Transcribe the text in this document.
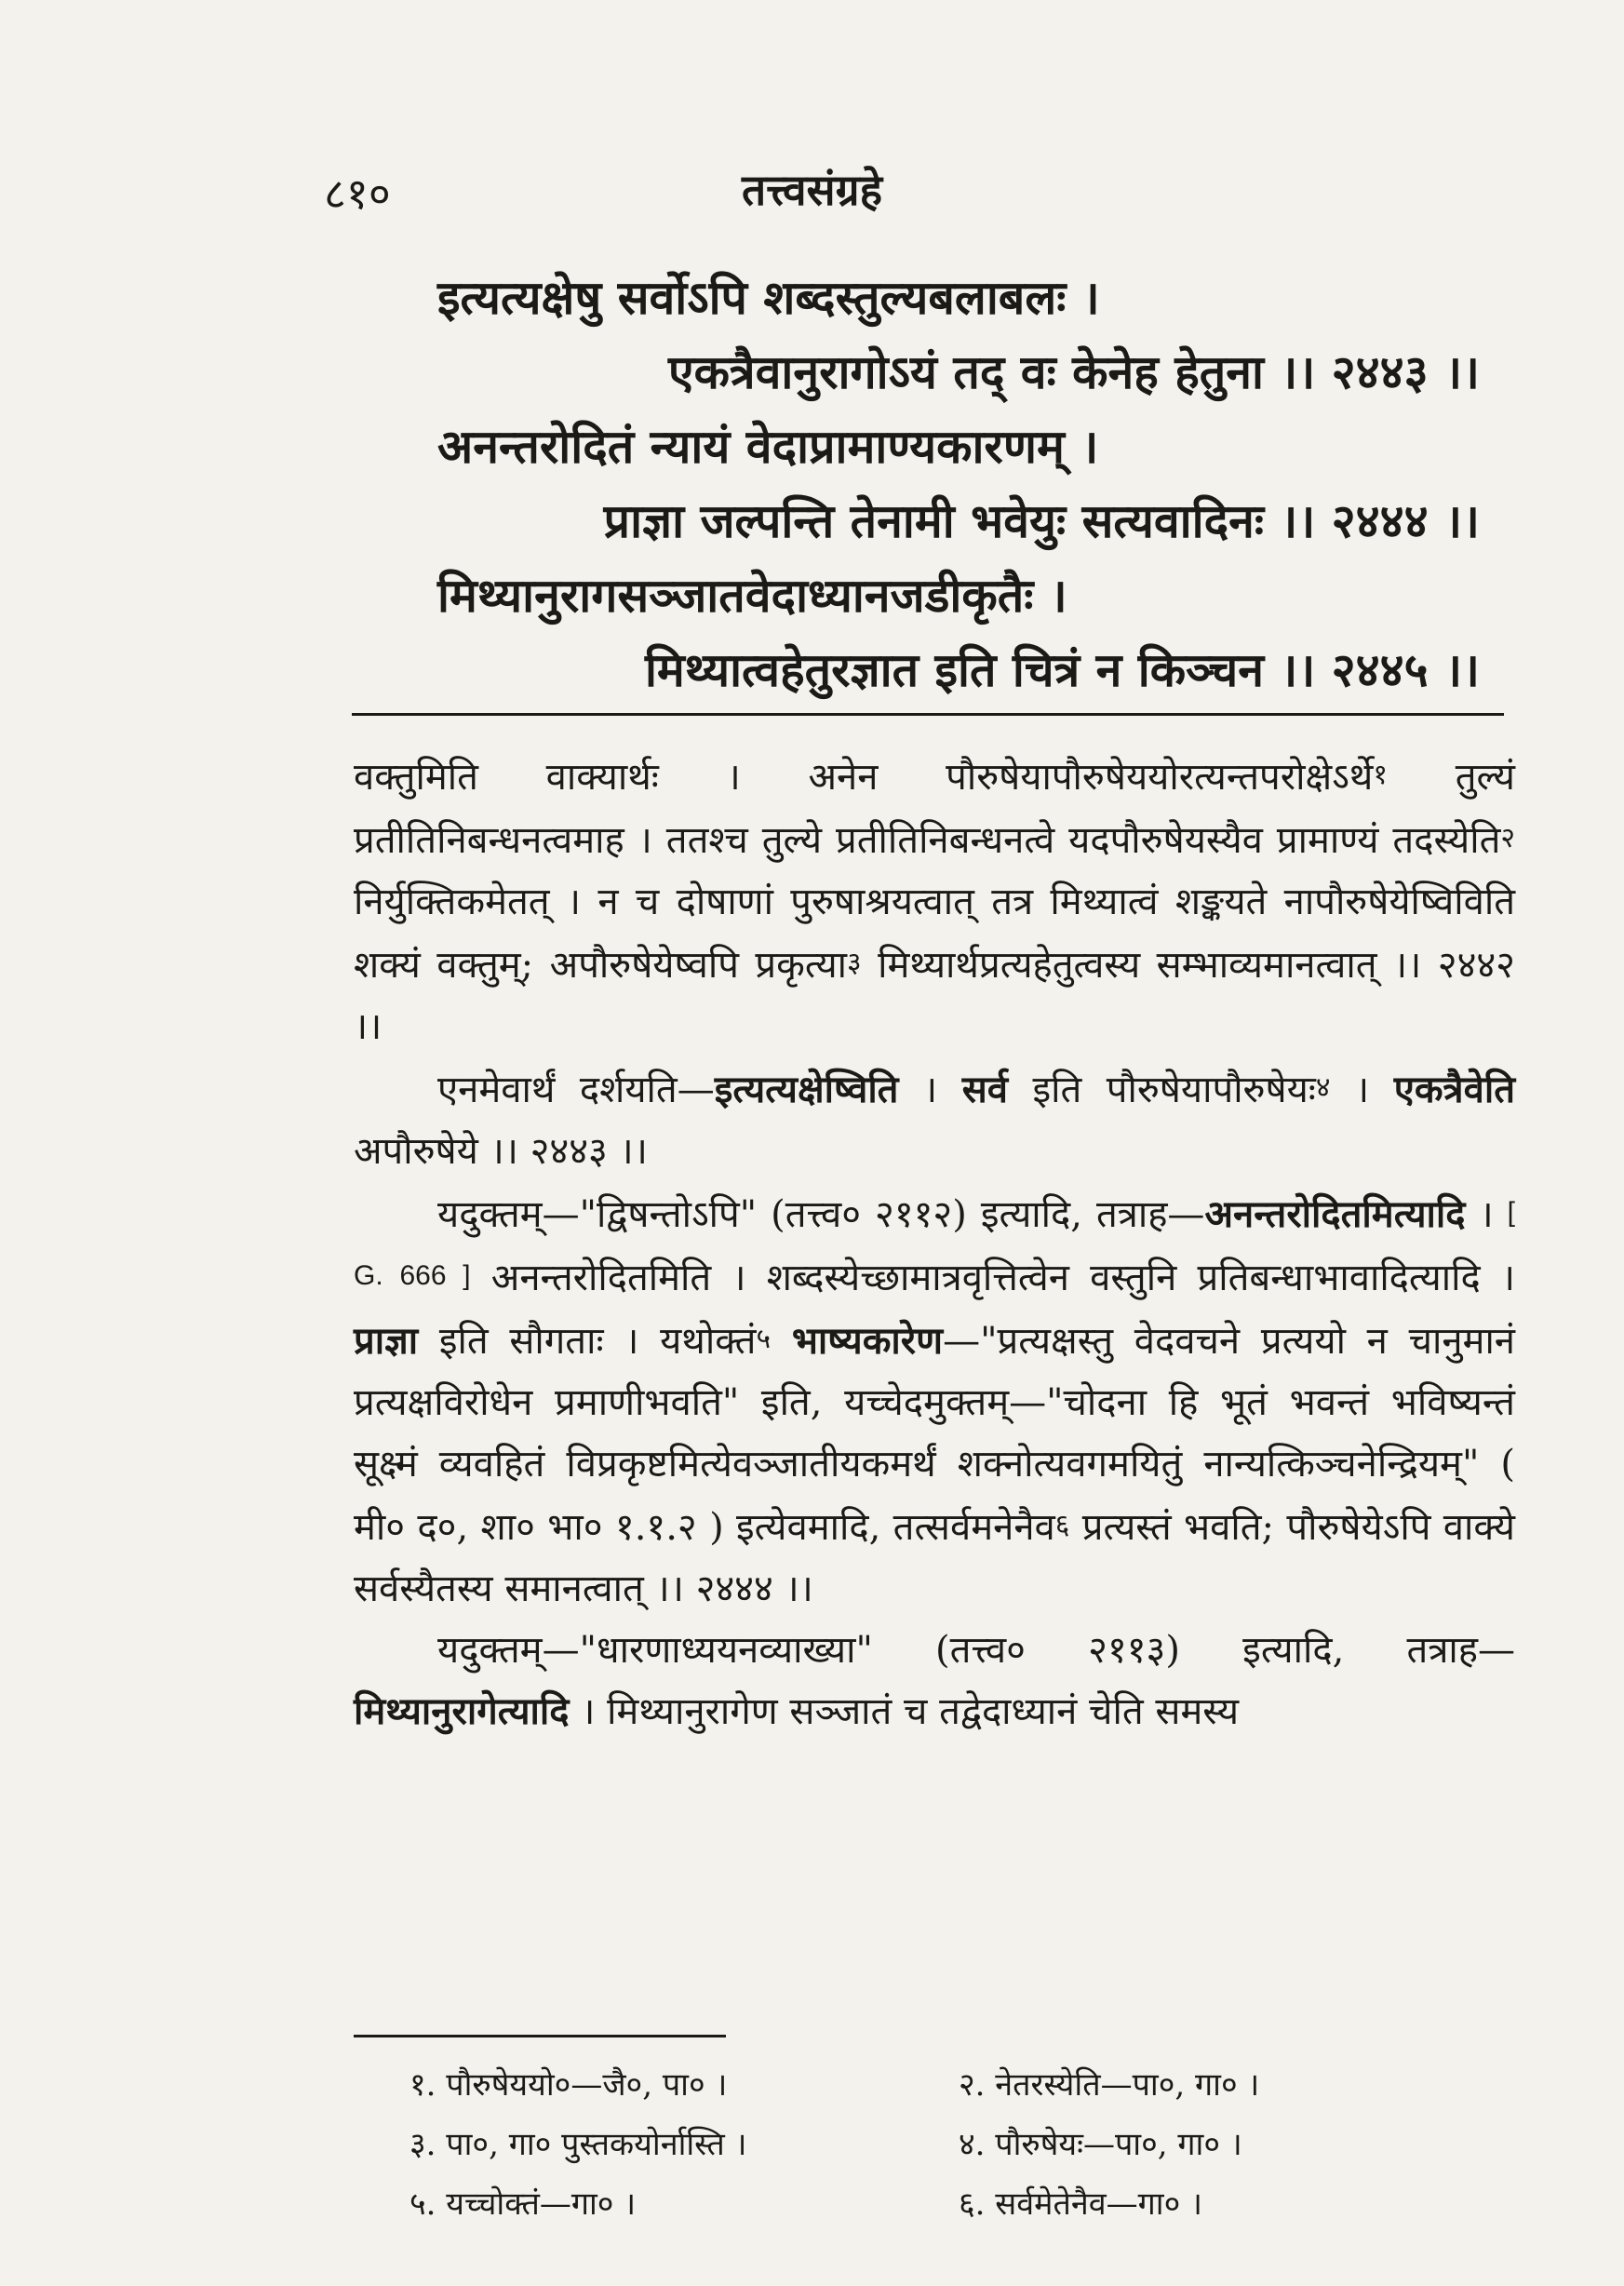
८१०	तत्त्वसंग्रहे
इत्यत्यक्षेषु सर्वोऽपि शब्दस्तुल्यबलाबलः ।
एकत्रैवानुरागोऽयं तद् वः केनेह हेतुना ।। २४४३ ।।
अनन्तरोदितं न्यायं वेदाप्रामाण्यकारणम् ।
प्राज्ञा जल्पन्ति तेनामी भवेयुः सत्यवादिनः ।। २४४४ ।।
मिथ्यानुरागसञ्जातवेदाध्यानजडीकृतैः ।
मिथ्यात्वहेतुरज्ञात इति चित्रं न किञ्चन ।। २४४५ ।।

वक्तुमिति वाक्यार्थः । अनेन पौरुषेयापौरुषेययोरत्यन्तपरोक्षेऽर्थे$^१$ तुल्यं प्रतीतिनिबन्धनत्वमाह । ततश्च तुल्ये प्रतीतिनिबन्धनत्वे यदपौरुषेयस्यैव प्रामाण्यं तदस्येति$^२$ निर्युक्तिकमेतत् । न च दोषाणां पुरुषाश्रयत्वात् तत्र मिथ्यात्वं शङ्कयते नापौरुषेयेष्विविति शक्यं वक्तुम्; अपौरुषेयेष्वपि प्रकृत्या$^३$ मिथ्यार्थप्रत्यहेतुत्वस्य सम्भाव्यमानत्वात् ।। २४४२ ।।

एनमेवार्थं दर्शयति—इत्यत्यक्षेष्विति । सर्व इति पौरुषेयापौरुषेयः$^४$ । एकत्रैवेति अपौरुषेये ।। २४४३ ।।

यदुक्तम्—"द्विषन्तोऽपि" (तत्त्व० २११२) इत्यादि, तत्राह—अनन्तरोदितमित्यादि । [ G. 666 ] अनन्तरोदितमिति । शब्दस्येच्छामात्रवृत्तित्वेन वस्तुनि प्रतिबन्धाभावादित्यादि । प्राज्ञा इति सौगताः । यथोक्तं$^५$ भाष्यकारेण—"प्रत्यक्षस्तु वेदवचने प्रत्ययो न चानुमानं प्रत्यक्षविरोधेन प्रमाणीभवति" इति, यच्चेदमुक्तम्—"चोदना हि भूतं भवन्तं भविष्यन्तं सूक्ष्मं व्यवहितं विप्रकृष्टमित्येवञ्जातीयकमर्थं शक्नोत्यवगमयितुं नान्यत्किञ्चनेन्द्रियम्" ( मी० द०, शा० भा० १.१.२ ) इत्येवमादि, तत्सर्वमनेनैव$^६$ प्रत्यस्तं भवति; पौरुषेयेऽपि वाक्ये सर्वस्यैतस्य समानत्वात् ।। २४४४ ।।

यदुक्तम्—"धारणाध्ययनव्याख्या" (तत्त्व० २११३) इत्यादि, तत्राह—मिथ्यानुरागेत्यादि । मिथ्यानुरागेण सञ्जातं च तद्वेदाध्यानं चेति समस्य

१. पौरुषेययो०—जै०, पा० ।	२. नेतरस्येति—पा०, गा० ।
३. पा०, गा० पुस्तकयोर्नास्ति ।	४. पौरुषेयः—पा०, गा० ।
५. यच्चोक्तं—गा० ।	६. सर्वमेतेनैव—गा० ।
